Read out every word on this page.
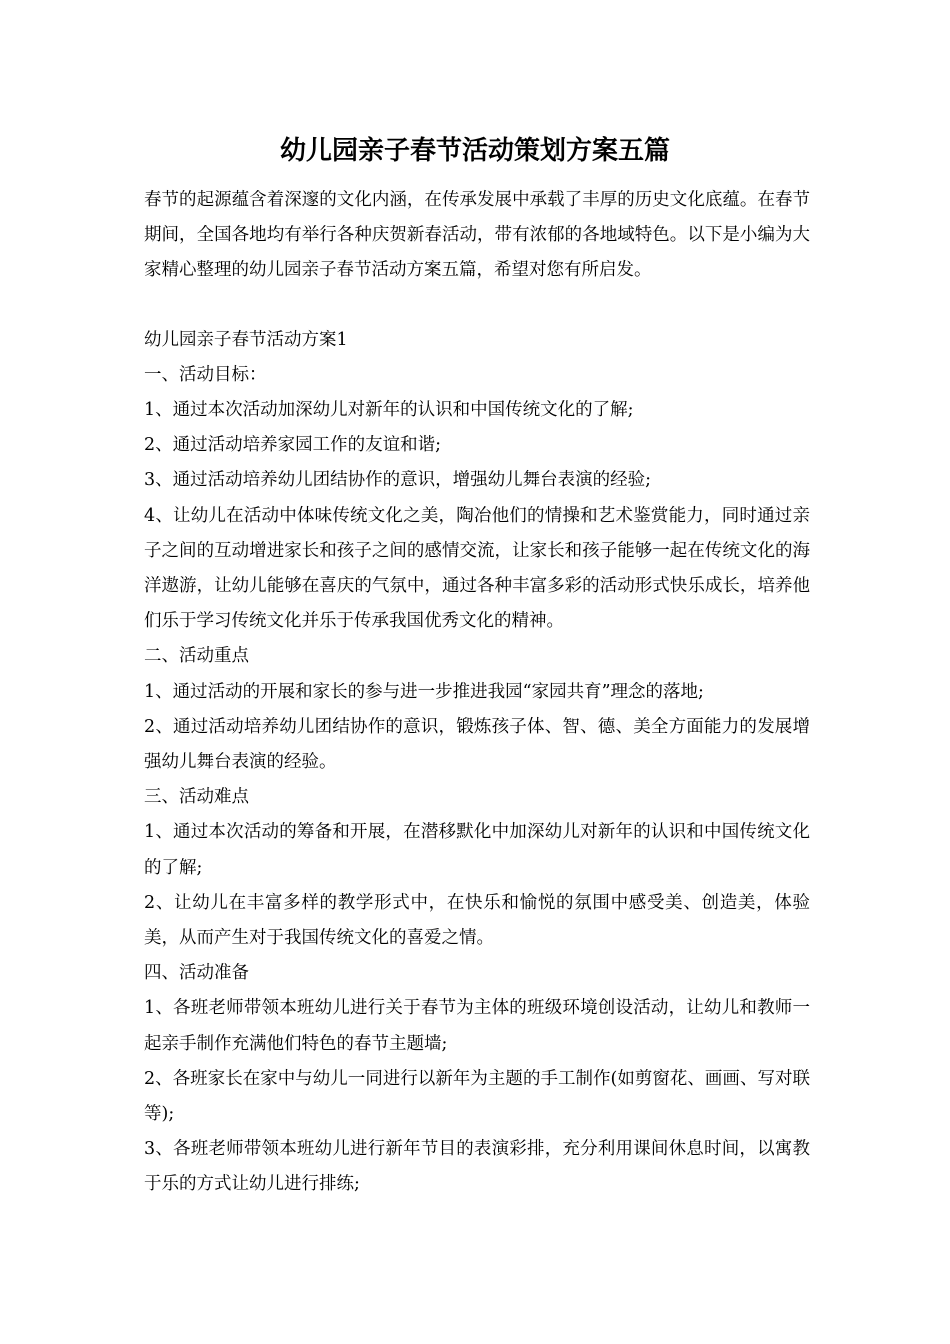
幼儿园亲子春节活动策划方案五篇

春节的起源蕴含着深邃的文化内涵，在传承发展中承载了丰厚的历史文化底蕴。在春节期间，全国各地均有举行各种庆贺新春活动，带有浓郁的各地域特色。以下是小编为大家精心整理的幼儿园亲子春节活动方案五篇，希望对您有所启发。

幼儿园亲子春节活动方案1

一、活动目标：

1、通过本次活动加深幼儿对新年的认识和中国传统文化的了解;

2、通过活动培养家园工作的友谊和谐;

3、通过活动培养幼儿团结协作的意识，增强幼儿舞台表演的经验;

4、让幼儿在活动中体味传统文化之美，陶冶他们的情操和艺术鉴赏能力，同时通过亲子之间的互动增进家长和孩子之间的感情交流，让家长和孩子能够一起在传统文化的海洋遨游，让幼儿能够在喜庆的气氛中，通过各种丰富多彩的活动形式快乐成长，培养他们乐于学习传统文化并乐于传承我国优秀文化的精神。

二、活动重点

1、通过活动的开展和家长的参与进一步推进我园“家园共育”理念的落地;

2、通过活动培养幼儿团结协作的意识，锻炼孩子体、智、德、美全方面能力的发展增强幼儿舞台表演的经验。

三、活动难点

1、通过本次活动的筹备和开展，在潜移默化中加深幼儿对新年的认识和中国传统文化的了解;

2、让幼儿在丰富多样的教学形式中，在快乐和愉悦的氛围中感受美、创造美，体验美，从而产生对于我国传统文化的喜爱之情。

四、活动准备

1、各班老师带领本班幼儿进行关于春节为主体的班级环境创设活动，让幼儿和教师一起亲手制作充满他们特色的春节主题墙;

2、各班家长在家中与幼儿一同进行以新年为主题的手工制作(如剪窗花、画画、写对联等);

3、各班老师带领本班幼儿进行新年节目的表演彩排，充分利用课间休息时间，以寓教于乐的方式让幼儿进行排练;
